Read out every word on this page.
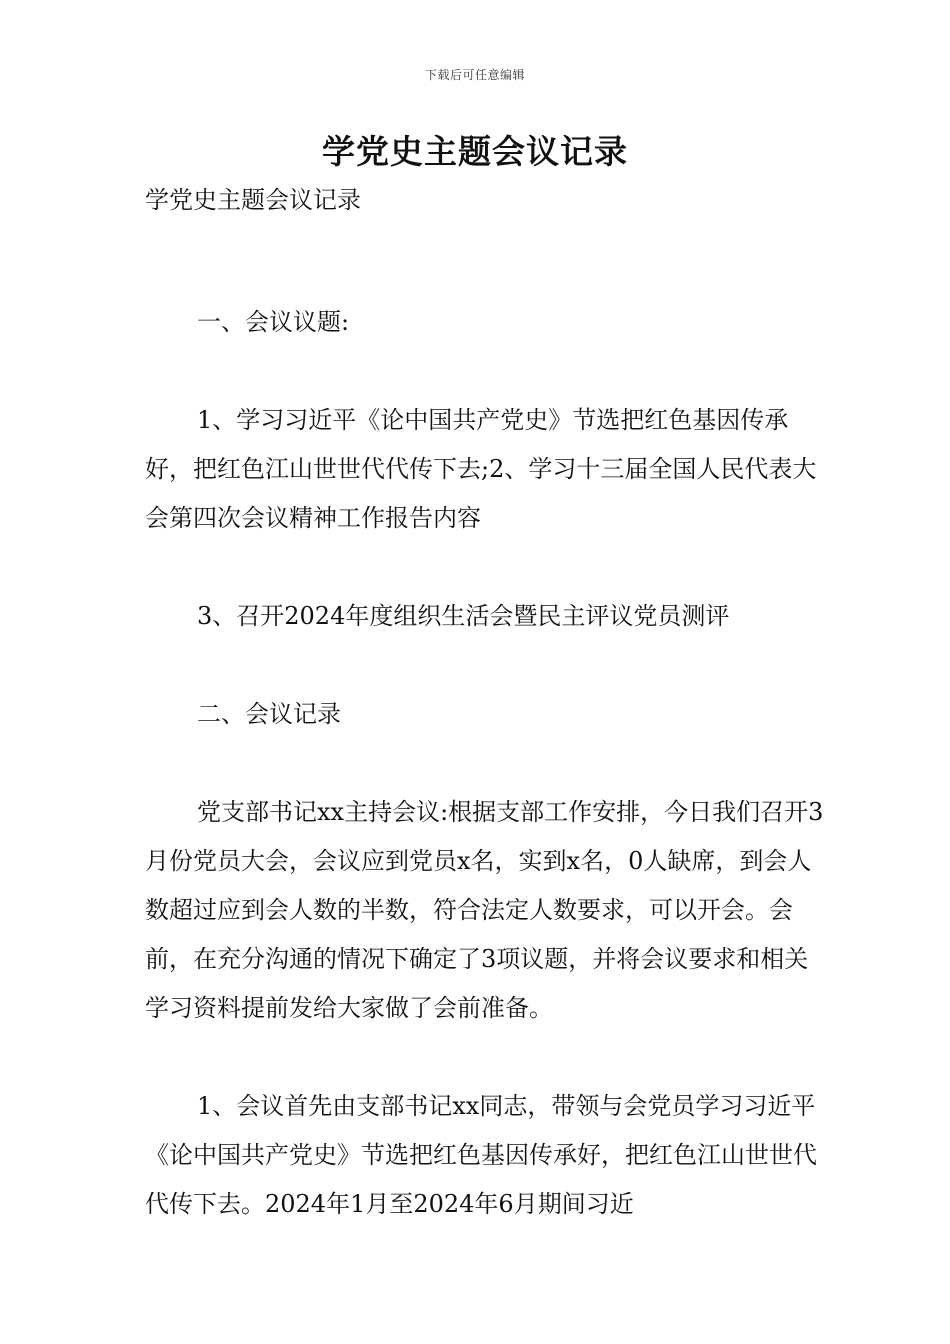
下载后可任意编辑
学党史主题会议记录

学党史主题会议记录

一、会议议题:

1、学习习近平《论中国共产党史》节选把红色基因传承好，把红色江山世世代代传下去;2、学习十三届全国人民代表大会第四次会议精神工作报告内容

3、召开2024年度组织生活会暨民主评议党员测评

二、会议记录

党支部书记xx主持会议:根据支部工作安排，今日我们召开3月份党员大会，会议应到党员x名，实到x名，0人缺席，到会人数超过应到会人数的半数，符合法定人数要求，可以开会。会前，在充分沟通的情况下确定了3项议题，并将会议要求和相关学习资料提前发给大家做了会前准备。

1、会议首先由支部书记xx同志，带领与会党员学习习近平《论中国共产党史》节选把红色基因传承好，把红色江山世世代代传下去。2024年1月至2024年6月期间习近
